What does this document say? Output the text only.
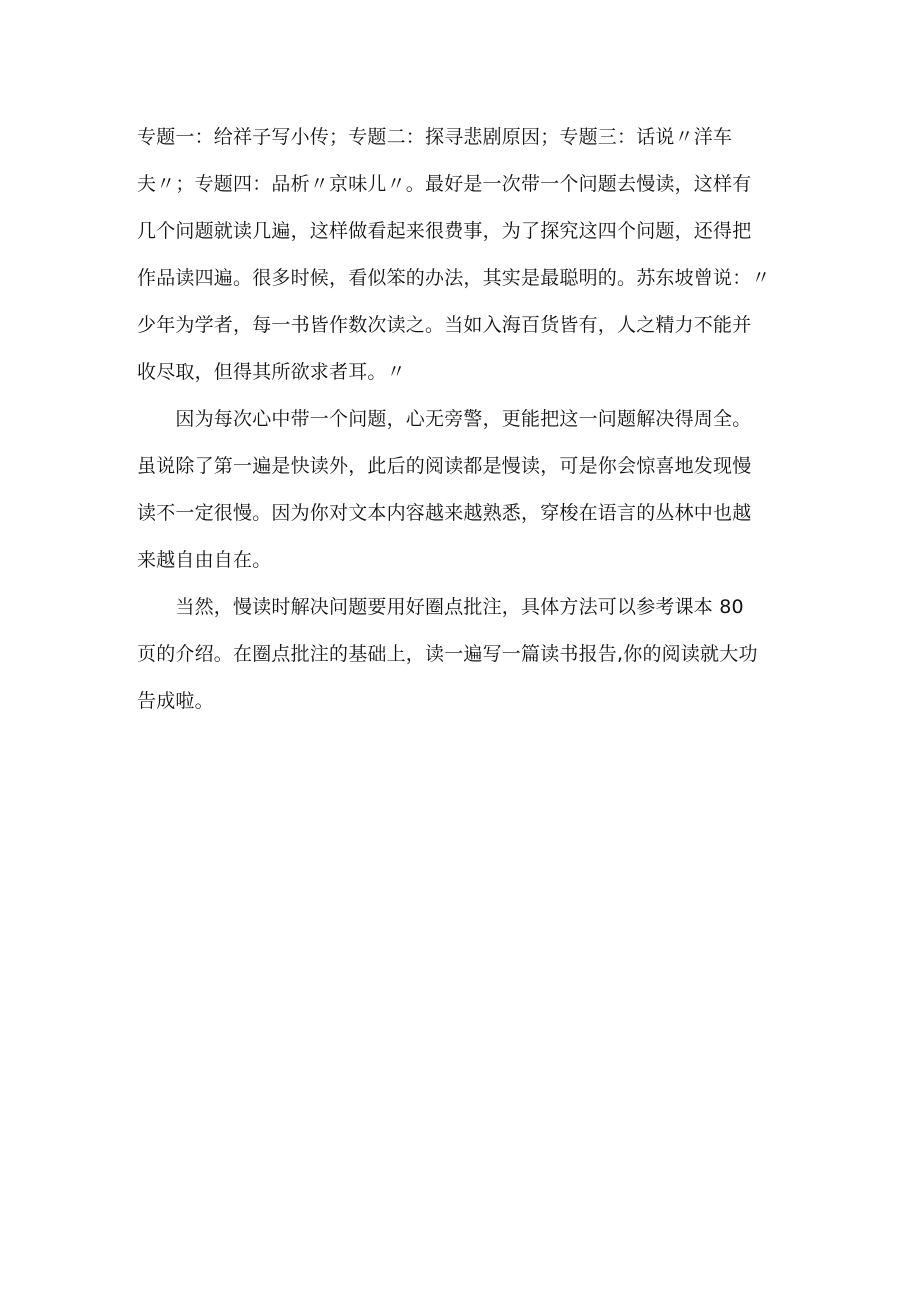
专题一：给祥子写小传；专题二：探寻悲剧原因；专题三：话说〃洋车
夫〃；专题四：品析〃京味儿〃。最好是一次带一个问题去慢读，这样有
几个问题就读几遍，这样做看起来很费事，为了探究这四个问题，还得把
作品读四遍。很多时候，看似笨的办法，其实是最聪明的。苏东坡曾说：〃
少年为学者，每一书皆作数次读之。当如入海百货皆有，人之精力不能并
收尽取，但得其所欲求者耳。〃
　　因为每次心中带一个问题，心无旁警，更能把这一问题解决得周全。
虽说除了第一遍是快读外，此后的阅读都是慢读，可是你会惊喜地发现慢
读不一定很慢。因为你对文本内容越来越熟悉，穿梭在语言的丛林中也越
来越自由自在。
　　当然，慢读时解决问题要用好圈点批注，具体方法可以参考课本 80
页的介绍。在圈点批注的基础上，读一遍写一篇读书报告,你的阅读就大功
告成啦。
